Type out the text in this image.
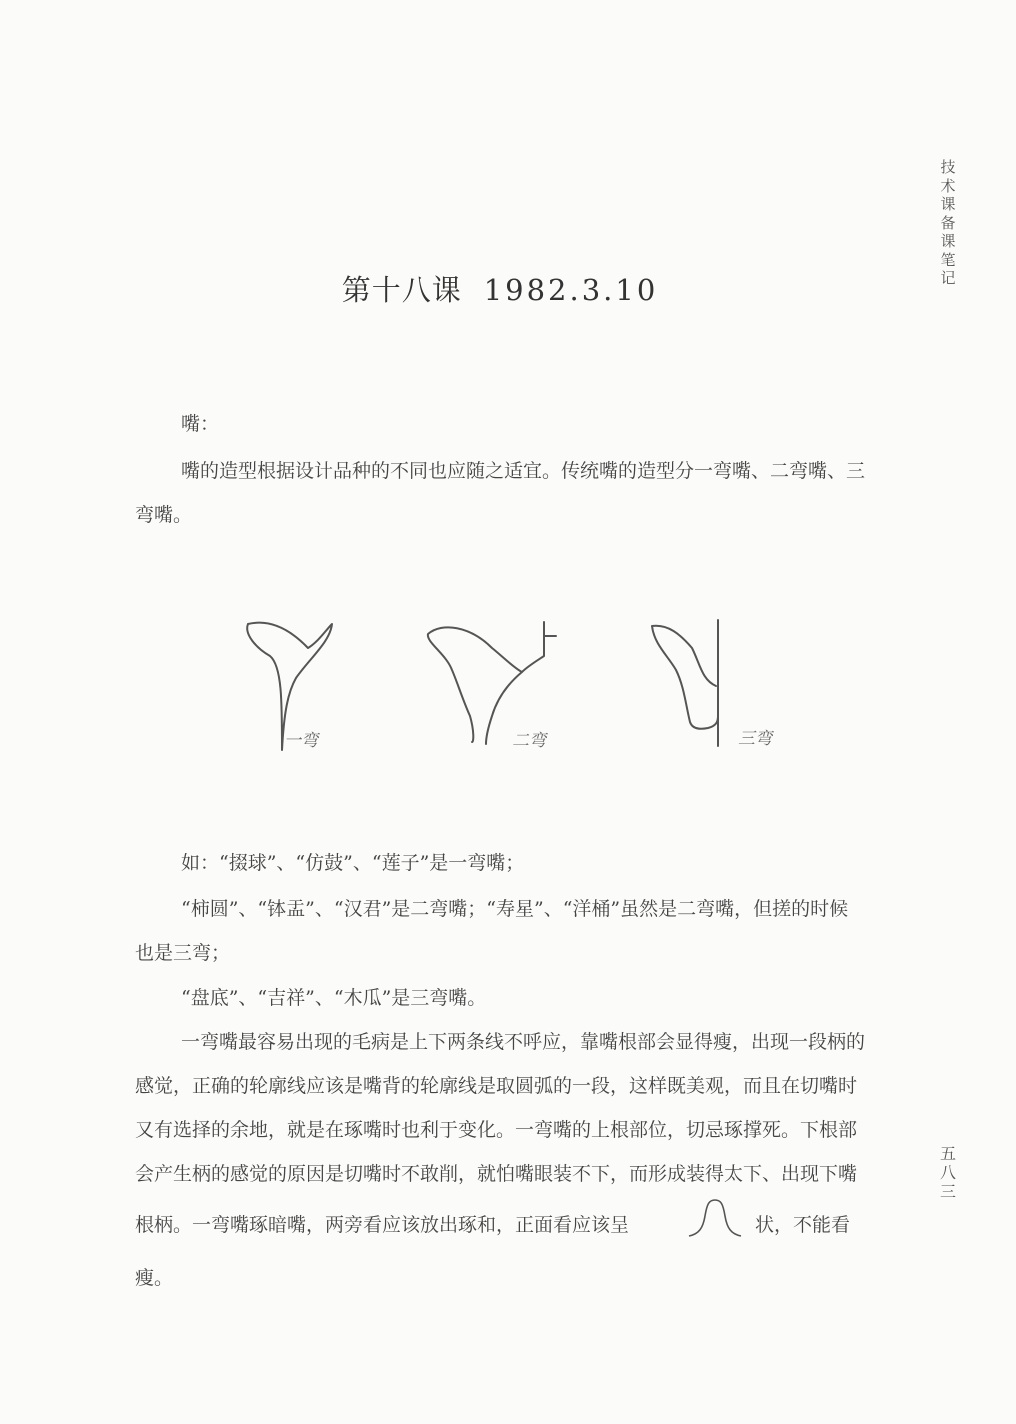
技术课备课笔记
五八三
第十八课 1982.3.10

嘴：

嘴的造型根据设计品种的不同也应随之适宜。传统嘴的造型分一弯嘴、二弯嘴、三弯嘴。

一弯	二弯	三弯

如：“掇球”、“仿鼓”、“莲子”是一弯嘴；

“柿圆”、“钵盂”、“汉君”是二弯嘴；“寿星”、“洋桶”虽然是二弯嘴，但搓的时候也是三弯；

“盘底”、“吉祥”、“木瓜”是三弯嘴。

一弯嘴最容易出现的毛病是上下两条线不呼应，靠嘴根部会显得瘦，出现一段柄的感觉，正确的轮廓线应该是嘴背的轮廓线是取圆弧的一段，这样既美观，而且在切嘴时又有选择的余地，就是在琢嘴时也利于变化。一弯嘴的上根部位，切忌琢撑死。下根部会产生柄的感觉的原因是切嘴时不敢削，就怕嘴眼装不下，而形成装得太下、出现下嘴根柄。一弯嘴琢暗嘴，两旁看应该放出琢和，正面看应该呈	状，不能看瘦。
